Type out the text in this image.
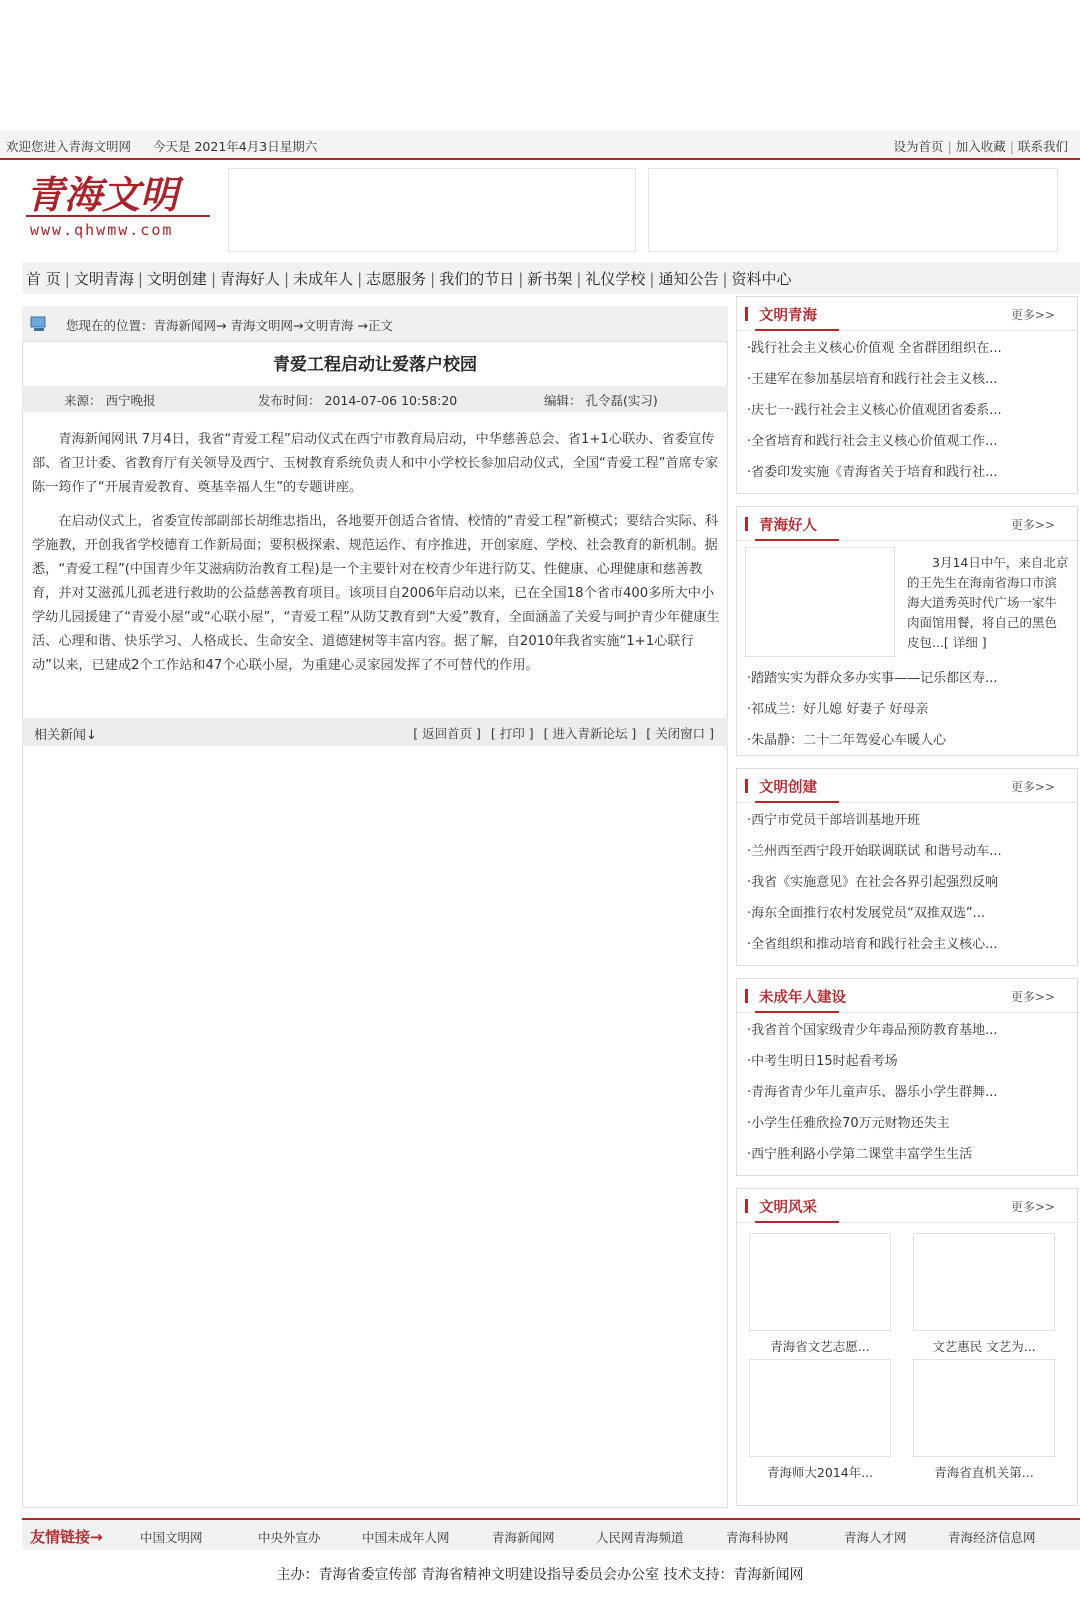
欢迎您进入青海文明网 今天是 2021年4月3日星期六	设为首页 | 加入收藏 | 联系我们
青海文明
www.qhwmw.com
首 页 | 文明青海 | 文明创建 | 青海好人 | 未成年人 | 志愿服务 | 我们的节日 | 新书架 | 礼仪学校 | 通知公告 | 资料中心
您现在的位置：青海新闻网→ 青海文明网→文明青海 →正文
青爱工程启动让爱落户校园
来源： 西宁晚报	发布时间： 2014-07-06 10:58:20	编辑： 孔令磊(实习)

青海新闻网讯 7月4日，我省“青爱工程”启动仪式在西宁市教育局启动，中华慈善总会、省1+1心联办、省委宣传部、省卫计委、省教育厅有关领导及西宁、玉树教育系统负责人和中小学校长参加启动仪式，全国“青爱工程”首席专家陈一筠作了“开展青爱教育、奠基幸福人生”的专题讲座。

在启动仪式上，省委宣传部副部长胡维忠指出，各地要开创适合省情、校情的“青爱工程”新模式；要结合实际、科学施教，开创我省学校德育工作新局面；要积极探索、规范运作、有序推进，开创家庭、学校、社会教育的新机制。据悉，“青爱工程”(中国青少年艾滋病防治教育工程)是一个主要针对在校青少年进行防艾、性健康、心理健康和慈善教育，并对艾滋孤儿孤老进行救助的公益慈善教育项目。该项目自2006年启动以来，已在全国18个省市400多所大中小学幼儿园援建了“青爱小屋”或“心联小屋”，“青爱工程”从防艾教育到“大爱”教育，全面涵盖了关爱与呵护青少年健康生活、心理和谐、快乐学习、人格成长、生命安全、道德建树等丰富内容。据了解，自2010年我省实施“1+1心联行动”以来，已建成2个工作站和47个心联小屋，为重建心灵家园发挥了不可替代的作用。

相关新闻↓	[ 返回首页 ] [ 打印 ] [ 进入青新论坛 ] [ 关闭窗口 ]
文明青海	更多>>
·践行社会主义核心价值观 全省群团组织在...
·王建军在参加基层培育和践行社会主义核...
·庆七一·践行社会主义核心价值观团省委系...
·全省培育和践行社会主义核心价值观工作...
·省委印发实施《青海省关于培育和践行社...
青海好人	更多>>
3月14日中午，来自北京的王先生在海南省海口市滨海大道秀英时代广场一家牛肉面馆用餐，将自己的黑色皮包...[ 详细 ]
·踏踏实实为群众多办实事——记乐都区寿...
·祁成兰：好儿媳 好妻子 好母亲
·朱晶静：二十二年驾爱心车暖人心
文明创建	更多>>
·西宁市党员干部培训基地开班
·兰州西至西宁段开始联调联试 和谐号动车...
·我省《实施意见》在社会各界引起强烈反响
·海东全面推行农村发展党员“双推双选”...
·全省组织和推动培育和践行社会主义核心...
未成年人建设	更多>>
·我省首个国家级青少年毒品预防教育基地...
·中考生明日15时起看考场
·青海省青少年儿童声乐、器乐小学生群舞...
·小学生任雅欣捡70万元财物还失主
·西宁胜利路小学第二课堂丰富学生生活
文明风采	更多>>
青海省文艺志愿...	文艺惠民 文艺为...
青海师大2014年...	青海省直机关第...
友情链接→	中国文明网	中央外宣办	中国未成年人网	青海新闻网	人民网青海频道	青海科协网	青海人才网	青海经济信息网
主办：青海省委宣传部 青海省精神文明建设指导委员会办公室 技术支持：青海新闻网
